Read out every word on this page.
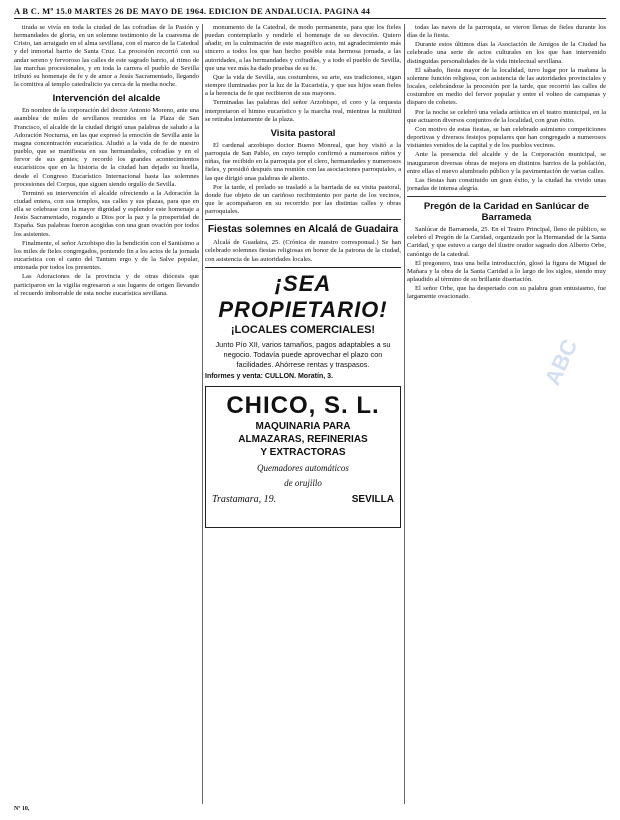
A B C. Mº 15.0 MARTES 26 DE MAYO DE 1964. EDICION DE ANDALUCIA. PAGINA 44

tirada se vivía en toda la ciudad de las cofradías de la Pasión y hermandades de gloria, en un solemne testimonio de la cuaresma de Cristo, tan arraigado en el alma sevillana, con el marco de la Catedral y del inmortal barrio de Santa Cruz. La procesión recorrió con su andar sereno y fervoroso las calles de este sagrado barrio, al ritmo de las marchas procesionales, y en toda la carrera el pueblo de Sevilla tributó su homenaje de fe y de amor a Jesús Sacramentado, llegando la comitiva al templo catedralicio ya cerca de la media noche.

Intervención del alcalde

En nombre de la corporación del doctor Antonio Moreno, ante una asamblea de miles de sevillanos reunidos en la Plaza de San Francisco, el alcalde de la ciudad dirigió unas palabras de saludo a la Adoración Nocturna, en las que expresó la emoción de Sevilla ante la magna concentración eucarística. Aludió a la vida de fe de nuestro pueblo, que se manifiesta en sus hermandades, cofradías y en el fervor de sus gentes; y recordó los grandes acontecimientos eucarísticos que en la historia de la ciudad han dejado su huella, desde el Congreso Eucarístico Internacional hasta las solemnes procesiones del Corpus, que siguen siendo orgullo de Sevilla.

Terminó su intervención el alcalde ofreciendo a la Adoración la ciudad entera, con sus templos, sus calles y sus plazas, para que en ella se celebrase con la mayor dignidad y esplendor este homenaje a Jesús Sacramentado, rogando a Dios por la paz y la prosperidad de España. Sus palabras fueron acogidas con una gran ovación por todos los asistentes.

Finalmente, el señor Arzobispo dio la bendición con el Santísimo a los miles de fieles congregados, poniendo fin a los actos de la jornada eucarística con el canto del Tantum ergo y de la Salve popular, entonada por todos los presentes.

Las Adoraciones de la provincia y de otras diócesis que participaron en la vigilia regresaron a sus lugares de origen llevando el recuerdo imborrable de esta noche eucarística sevillana.

monumento de la Catedral, de modo permanente, para que los fieles puedan contemplarlo y rendirle el homenaje de su devoción. Quiero añadir, en la culminación de este magnífico acto, mi agradecimiento más sincero a todos los que han hecho posible esta hermosa jornada, a las autoridades, a las hermandades y cofradías, y a todo el pueblo de Sevilla, que una vez más ha dado pruebas de su fe.

Que la vida de Sevilla, sus costumbres, su arte, sus tradiciones, sigan siempre iluminadas por la luz de la Eucaristía, y que sus hijos sean fieles a la herencia de fe que recibieron de sus mayores.

Terminadas las palabras del señor Arzobispo, el coro y la orquesta interpretaron el himno eucarístico y la marcha real, mientras la multitud se retiraba lentamente de la plaza.

Visita pastoral

El cardenal arzobispo doctor Bueno Monreal, que hoy visitó a la parroquia de San Pablo, en cuyo templo confirmó a numerosos niños y niñas, fue recibido en la parroquia por el clero, hermandades y numerosos fieles, y presidió después una reunión con las asociaciones parroquiales, a las que dirigió unas palabras de aliento.

Por la tarde, el prelado se trasladó a la barriada de su visita pastoral, donde fue objeto de un cariñoso recibimiento por parte de los vecinos, que le acompañaron en su recorrido por las distintas calles y obras parroquiales.

Fiestas solemnes en Alcalá de Guadaira

Alcalá de Guadaira, 25. (Crónica de nuestro corresponsal.) Se han celebrado solemnes fiestas religiosas en honor de la patrona de la ciudad, con asistencia de las autoridades locales.

¡SEA PROPIETARIO!
¡LOCALES COMERCIALES!
Junto Pío XII, varios tamaños, pagos adaptables a su negocio. Todavía puede aprovechar el plazo con facilidades. Ahórrese rentas y traspasos.
Informes y venta: CULLON. Moratín, 3.
CHICO, S. L.
MAQUINARIA PARA
ALMAZARAS, REFINERIAS
Y EXTRACTORAS
Quemadores automáticos
de orujillo
Trastamara, 19.	SEVILLA

todas las naves de la parroquia, se vieron llenas de fieles durante los días de la fiesta.

Durante estos últimos días la Asociación de Amigos de la Ciudad ha celebrado una serie de actos culturales en los que han intervenido distinguidas personalidades de la vida intelectual sevillana.

El sábado, fiesta mayor de la localidad, tuvo lugar por la mañana la solemne función religiosa, con asistencia de las autoridades provinciales y locales, celebrándose la procesión por la tarde, que recorrió las calles de costumbre en medio del fervor popular y entre el volteo de campanas y disparo de cohetes.

Por la noche se celebró una velada artística en el teatro municipal, en la que actuaron diversos conjuntos de la localidad, con gran éxito.

Con motivo de estas fiestas, se han celebrado asimismo competiciones deportivas y diversos festejos populares que han congregado a numerosos visitantes venidos de la capital y de los pueblos vecinos.

Ante la presencia del alcalde y de la Corporación municipal, se inauguraron diversas obras de mejora en distintos barrios de la población, entre ellas el nuevo alumbrado público y la pavimentación de varias calles.

Las fiestas han constituido un gran éxito, y la ciudad ha vivido unas jornadas de intensa alegría.

Pregón de la Caridad en Sanlúcar de Barrameda

Sanlúcar de Barrameda, 25. En el Teatro Principal, lleno de público, se celebró el Pregón de la Caridad, organizado por la Hermandad de la Santa Caridad, y que estuvo a cargo del ilustre orador sagrado don Alberto Orbe, canónigo de la catedral.

El pregonero, tras una bella introducción, glosó la figura de Miguel de Mañara y la obra de la Santa Caridad a lo largo de los siglos, siendo muy aplaudido al término de su brillante disertación.

El señor Orbe, que ha despertado con su palabra gran entusiasmo, fue largamente ovacionado.

Nº 10,
ABC
